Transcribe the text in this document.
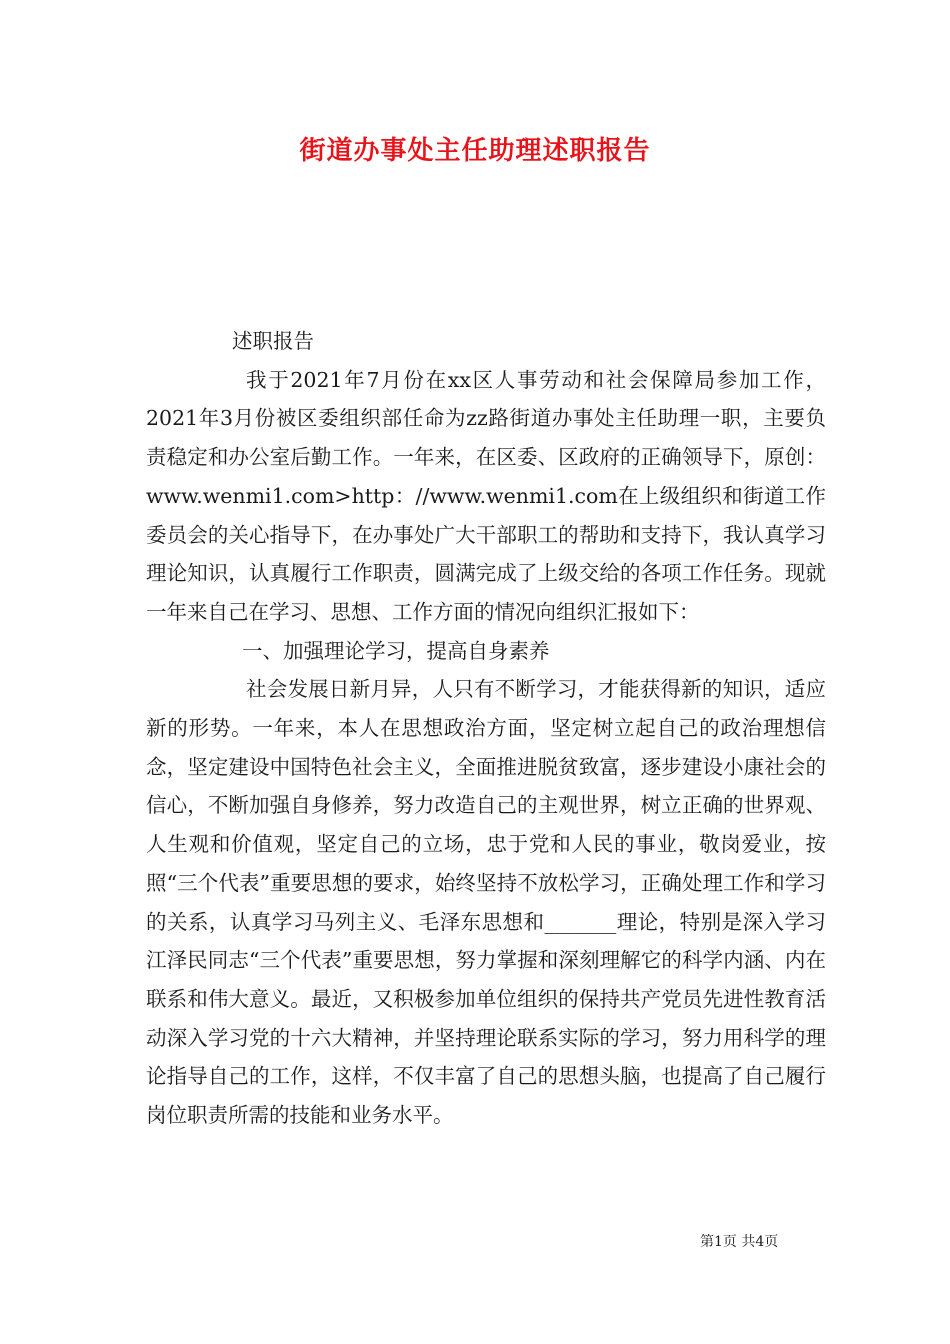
街道办事处主任助理述职报告

述职报告

我于2021年7月份在xx区人事劳动和社会保障局参加工作，2021年3月份被区委组织部任命为zz路街道办事处主任助理一职，主要负责稳定和办公室后勤工作。一年来，在区委、区政府的正确领导下，原创：www.wenmi1.com>http：//www.wenmi1.com在上级组织和街道工作委员会的关心指导下，在办事处广大干部职工的帮助和支持下，我认真学习理论知识，认真履行工作职责，圆满完成了上级交给的各项工作任务。现就一年来自己在学习、思想、工作方面的情况向组织汇报如下：

一、加强理论学习，提高自身素养

社会发展日新月异，人只有不断学习，才能获得新的知识，适应新的形势。一年来，本人在思想政治方面，坚定树立起自己的政治理想信念，坚定建设中国特色社会主义，全面推进脱贫致富，逐步建设小康社会的信心，不断加强自身修养，努力改造自己的主观世界，树立正确的世界观、人生观和价值观，坚定自己的立场，忠于党和人民的事业，敬岗爱业，按照“三个代表”重要思想的要求，始终坚持不放松学习，正确处理工作和学习的关系，认真学习马列主义、毛泽东思想和_______理论，特别是深入学习江泽民同志“三个代表”重要思想，努力掌握和深刻理解它的科学内涵、内在联系和伟大意义。最近，又积极参加单位组织的保持共产党员先进性教育活动深入学习党的十六大精神，并坚持理论联系实际的学习，努力用科学的理论指导自己的工作，这样，不仅丰富了自己的思想头脑，也提高了自己履行岗位职责所需的技能和业务水平。

第1页 共4页
